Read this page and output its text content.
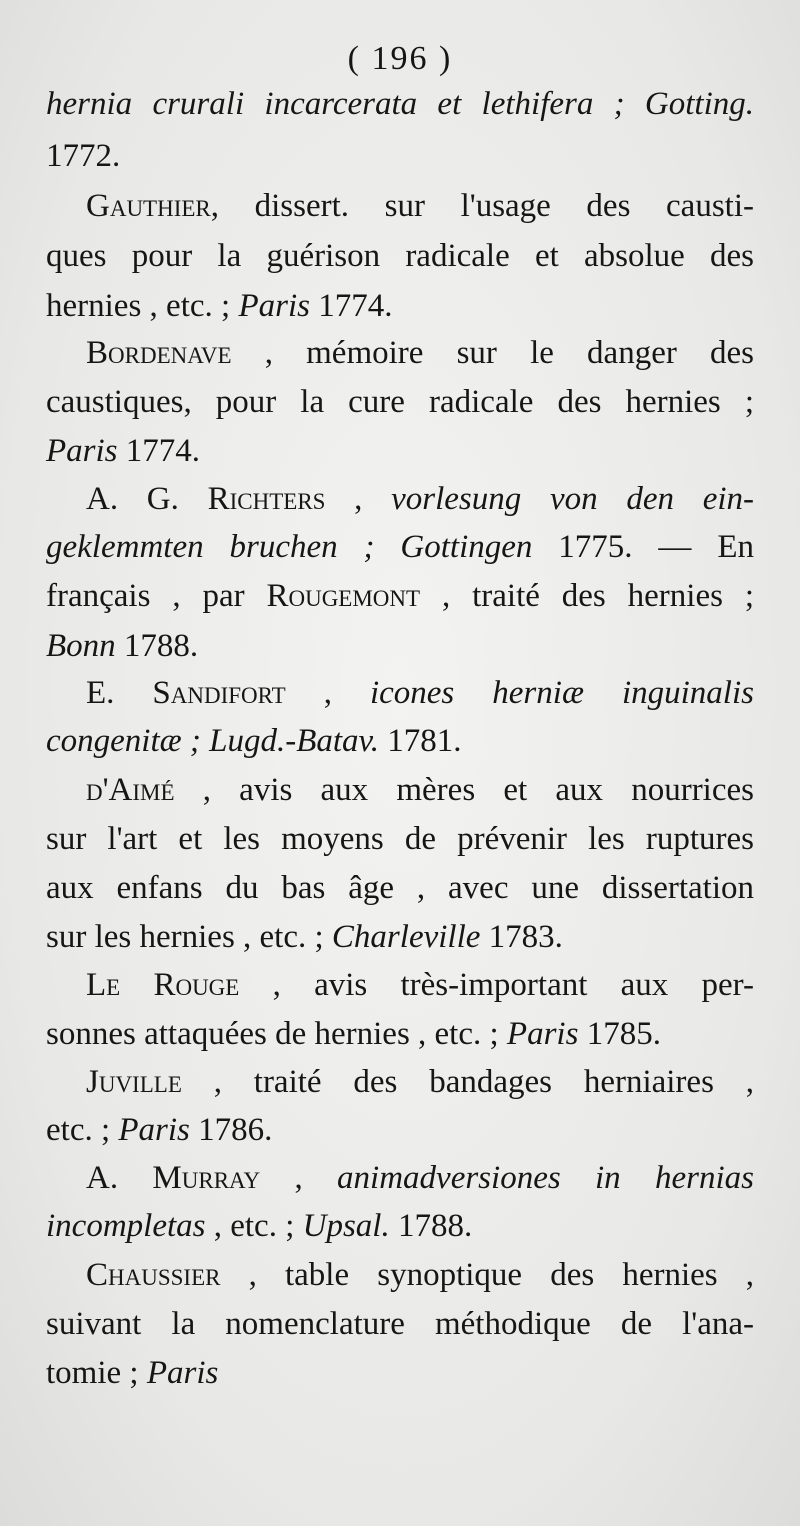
( 196 )
hernia crurali incarcerata et lethifera ; Gotting.
1772.
Gauthier, dissert. sur l'usage des causti-
ques pour la guérison radicale et absolue des
hernies , etc. ; Paris 1774.
Bordenave , mémoire sur le danger des
caustiques, pour la cure radicale des hernies ;
Paris 1774.
A. G. Richters , vorlesung von den ein-
geklemmten bruchen ; Gottingen 1775. — En
français , par Rougemont , traité des hernies ;
Bonn 1788.
E. Sandifort , icones herniæ inguinalis
congenitæ ; Lugd.-Batav. 1781.
d'Aimé , avis aux mères et aux nourrices
sur l'art et les moyens de prévenir les ruptures
aux enfans du bas âge , avec une dissertation
sur les hernies , etc. ; Charleville 1783.
Le Rouge , avis très-important aux per-
sonnes attaquées de hernies , etc. ; Paris 1785.
Juville , traité des bandages herniaires ,
etc. ; Paris 1786.
A. Murray , animadversiones in hernias
incompletas , etc. ; Upsal. 1788.
Chaussier , table synoptique des hernies ,
suivant la nomenclature méthodique de l'ana-
tomie ; Paris
